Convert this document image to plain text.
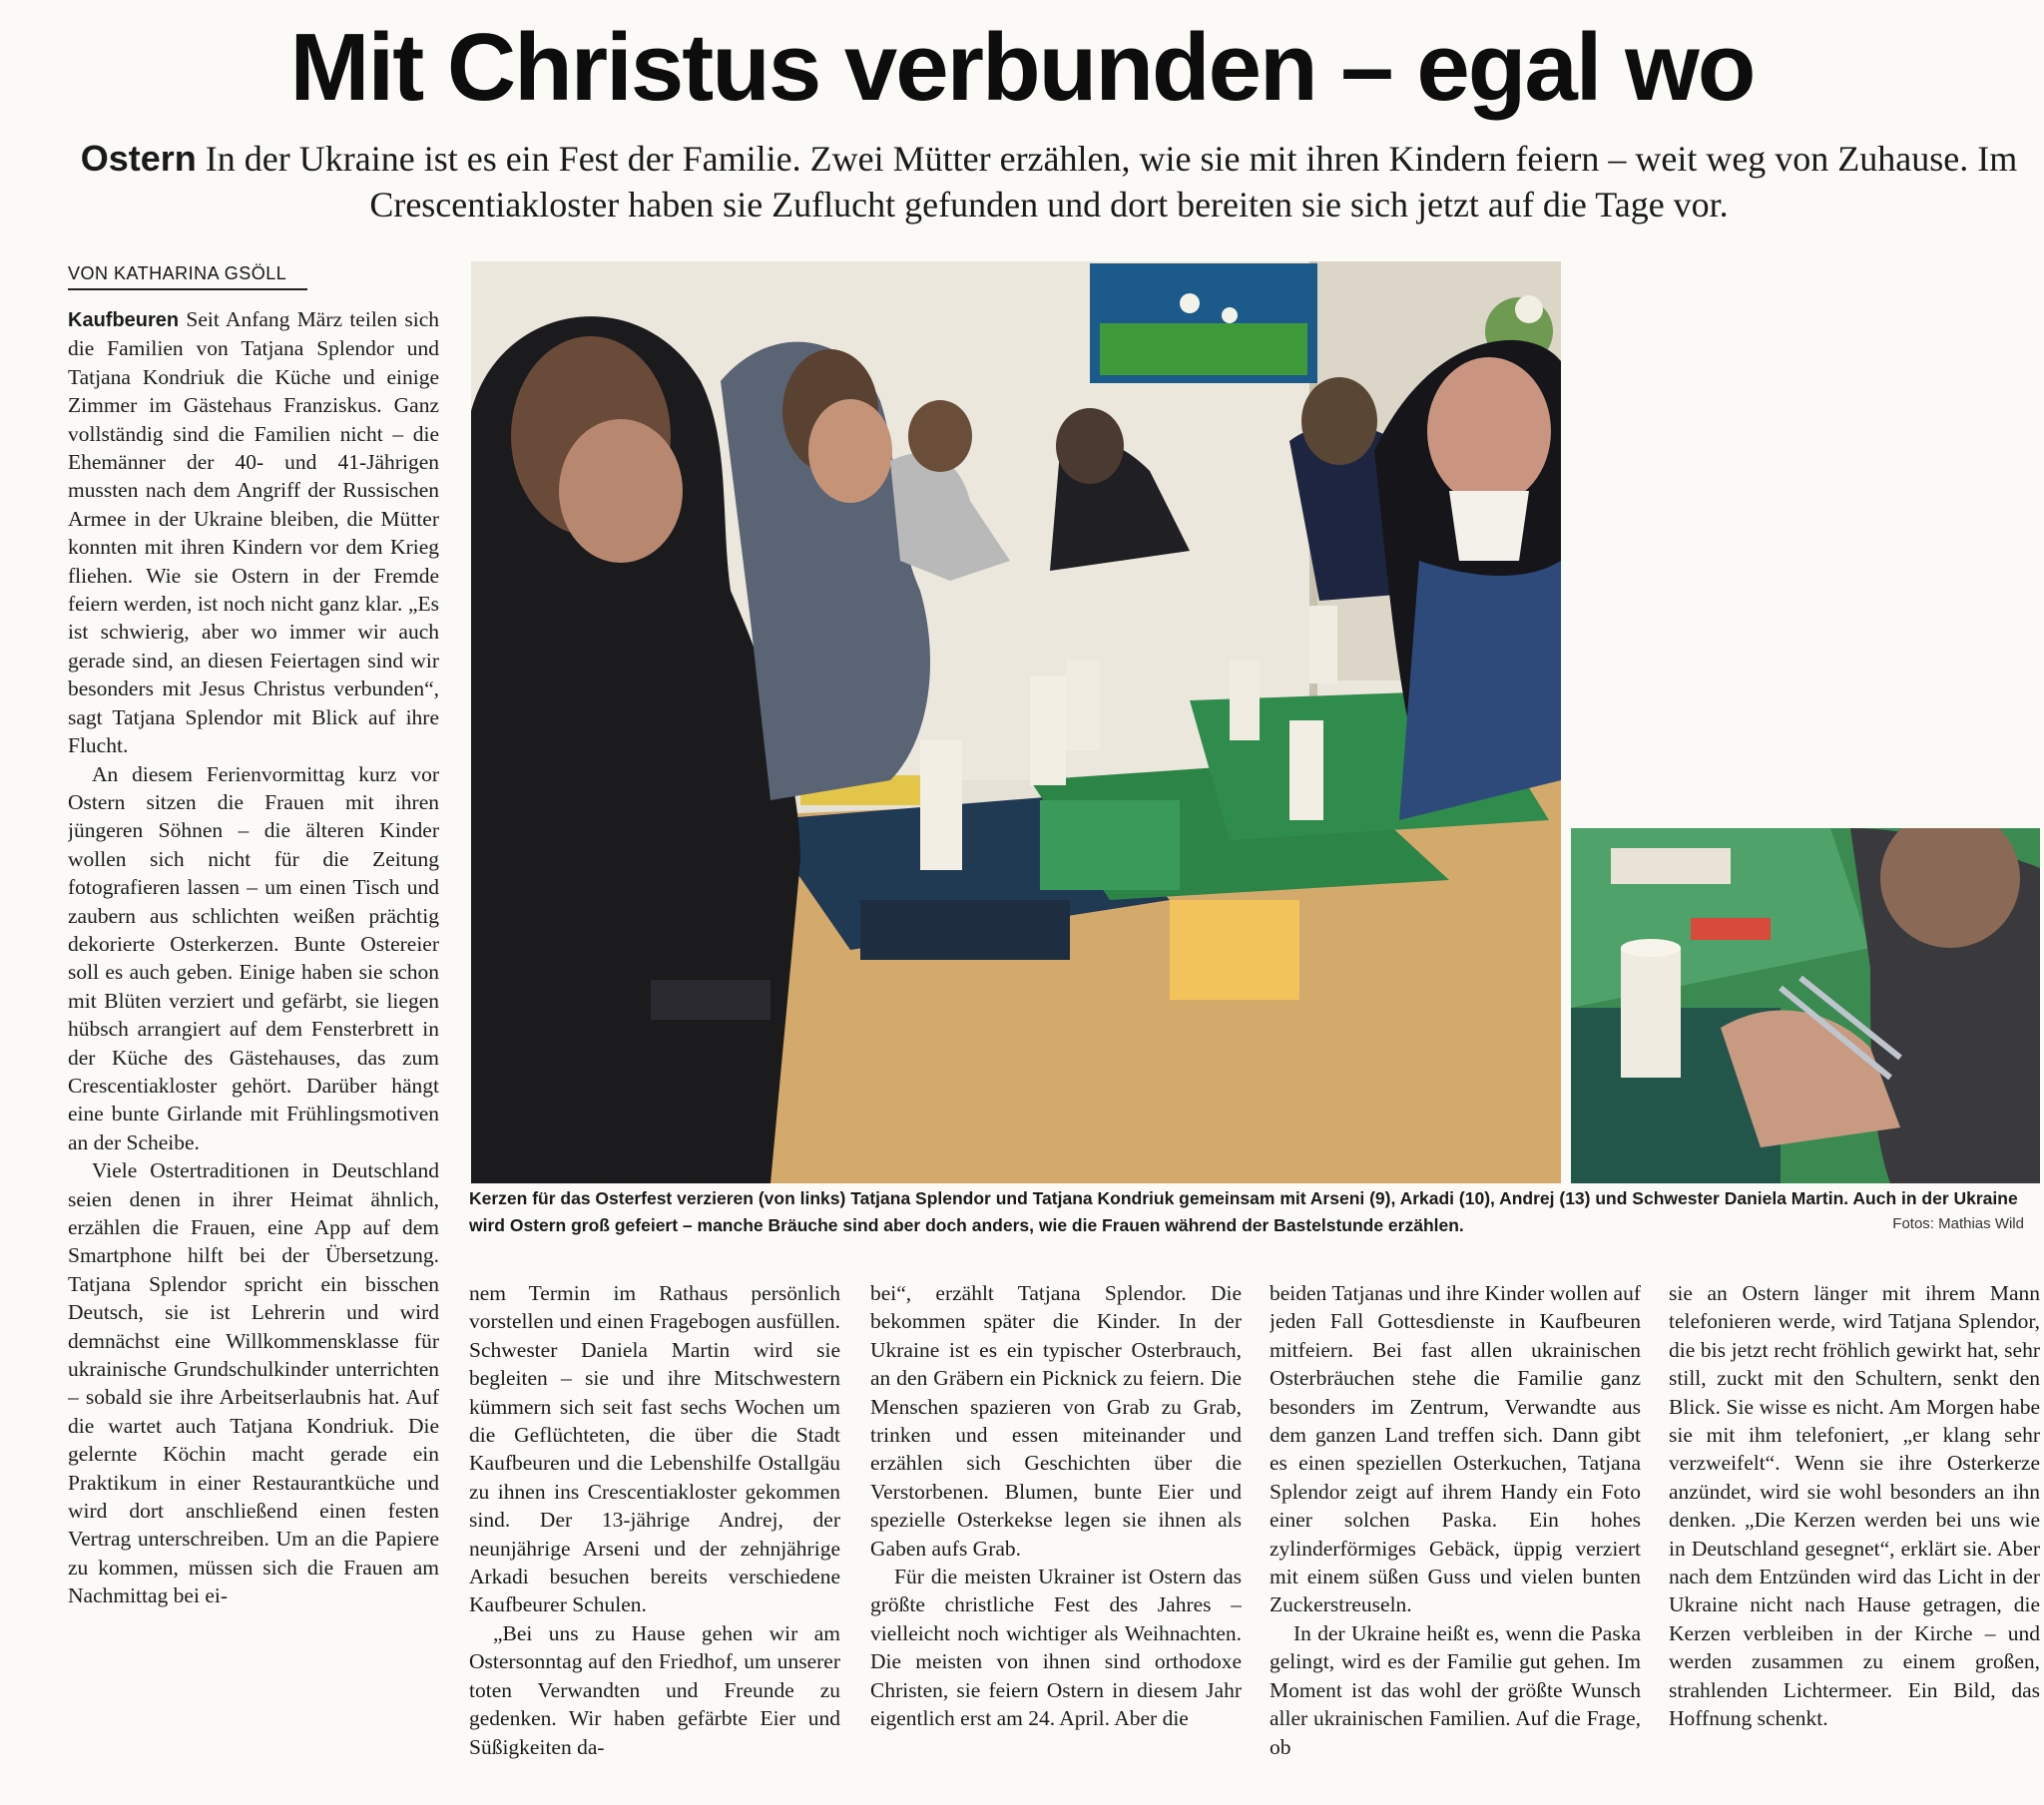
Mit Christus verbunden – egal wo
Ostern In der Ukraine ist es ein Fest der Familie. Zwei Mütter erzählen, wie sie mit ihren Kindern feiern – weit weg von Zuhause. Im Crescentiakloster haben sie Zuflucht gefunden und dort bereiten sie sich jetzt auf die Tage vor.
VON KATHARINA GSÖLL

Kaufbeuren Seit Anfang März teilen sich die Familien von Tatjana Splendor und Tatjana Kondriuk die Küche und einige Zimmer im Gästehaus Franziskus. Ganz vollständig sind die Familien nicht – die Ehemänner der 40- und 41-Jährigen mussten nach dem Angriff der Russischen Armee in der Ukraine bleiben, die Mütter konnten mit ihren Kindern vor dem Krieg fliehen. Wie sie Ostern in der Fremde feiern werden, ist noch nicht ganz klar. „Es ist schwierig, aber wo immer wir auch gerade sind, an diesen Feiertagen sind wir besonders mit Jesus Christus verbunden“, sagt Tatjana Splendor mit Blick auf ihre Flucht.

An diesem Ferienvormittag kurz vor Ostern sitzen die Frauen mit ihren jüngeren Söhnen – die älteren Kinder wollen sich nicht für die Zeitung fotografieren lassen – um einen Tisch und zaubern aus schlichten weißen prächtig dekorierte Osterkerzen. Bunte Ostereier soll es auch geben. Einige haben sie schon mit Blüten verziert und gefärbt, sie liegen hübsch arrangiert auf dem Fensterbrett in der Küche des Gästehauses, das zum Crescentiakloster gehört. Darüber hängt eine bunte Girlande mit Frühlingsmotiven an der Scheibe.

Viele Ostertraditionen in Deutschland seien denen in ihrer Heimat ähnlich, erzählen die Frauen, eine App auf dem Smartphone hilft bei der Übersetzung. Tatjana Splendor spricht ein bisschen Deutsch, sie ist Lehrerin und wird demnächst eine Willkommensklasse für ukrainische Grundschulkinder unterrichten – sobald sie ihre Arbeitserlaubnis hat. Auf die wartet auch Tatjana Kondriuk. Die gelernte Köchin macht gerade ein Praktikum in einer Restaurantküche und wird dort anschließend einen festen Vertrag unterschreiben. Um an die Papiere zu kommen, müssen sich die Frauen am Nachmittag bei ei-

Kerzen für das Osterfest verzieren (von links) Tatjana Splendor und Tatjana Kondriuk gemeinsam mit Arseni (9), Arkadi (10), Andrej (13) und Schwester Daniela Martin. Auch in der Ukraine wird Ostern groß gefeiert – manche Bräuche sind aber doch anders, wie die Frauen während der Bastelstunde erzählen.	Fotos: Mathias Wild

nem Termin im Rathaus persönlich vorstellen und einen Fragebogen ausfüllen. Schwester Daniela Martin wird sie begleiten – sie und ihre Mitschwestern kümmern sich seit fast sechs Wochen um die Geflüchteten, die über die Stadt Kaufbeuren und die Lebenshilfe Ostallgäu zu ihnen ins Crescentiakloster gekommen sind. Der 13-jährige Andrej, der neunjährige Arseni und der zehnjährige Arkadi besuchen bereits verschiedene Kaufbeurer Schulen.

„Bei uns zu Hause gehen wir am Ostersonntag auf den Friedhof, um unserer toten Verwandten und Freunde zu gedenken. Wir haben gefärbte Eier und Süßigkeiten da-

bei“, erzählt Tatjana Splendor. Die bekommen später die Kinder. In der Ukraine ist es ein typischer Osterbrauch, an den Gräbern ein Picknick zu feiern. Die Menschen spazieren von Grab zu Grab, trinken und essen miteinander und erzählen sich Geschichten über die Verstorbenen. Blumen, bunte Eier und spezielle Osterkekse legen sie ihnen als Gaben aufs Grab.

Für die meisten Ukrainer ist Ostern das größte christliche Fest des Jahres – vielleicht noch wichtiger als Weihnachten. Die meisten von ihnen sind orthodoxe Christen, sie feiern Ostern in diesem Jahr eigentlich erst am 24. April. Aber die

beiden Tatjanas und ihre Kinder wollen auf jeden Fall Gottesdienste in Kaufbeuren mitfeiern. Bei fast allen ukrainischen Osterbräuchen stehe die Familie ganz besonders im Zentrum, Verwandte aus dem ganzen Land treffen sich. Dann gibt es einen speziellen Osterkuchen, Tatjana Splendor zeigt auf ihrem Handy ein Foto einer solchen Paska. Ein hohes zylinderförmiges Gebäck, üppig verziert mit einem süßen Guss und vielen bunten Zuckerstreuseln.

In der Ukraine heißt es, wenn die Paska gelingt, wird es der Familie gut gehen. Im Moment ist das wohl der größte Wunsch aller ukrainischen Familien. Auf die Frage, ob

sie an Ostern länger mit ihrem Mann telefonieren werde, wird Tatjana Splendor, die bis jetzt recht fröhlich gewirkt hat, sehr still, zuckt mit den Schultern, senkt den Blick. Sie wisse es nicht. Am Morgen habe sie mit ihm telefoniert, „er klang sehr verzweifelt“. Wenn sie ihre Osterkerze anzündet, wird sie wohl besonders an ihn denken. „Die Kerzen werden bei uns wie in Deutschland gesegnet“, erklärt sie. Aber nach dem Entzünden wird das Licht in der Ukraine nicht nach Hause getragen, die Kerzen verbleiben in der Kirche – und werden zusammen zu einem großen, strahlenden Lichtermeer. Ein Bild, das Hoffnung schenkt.
